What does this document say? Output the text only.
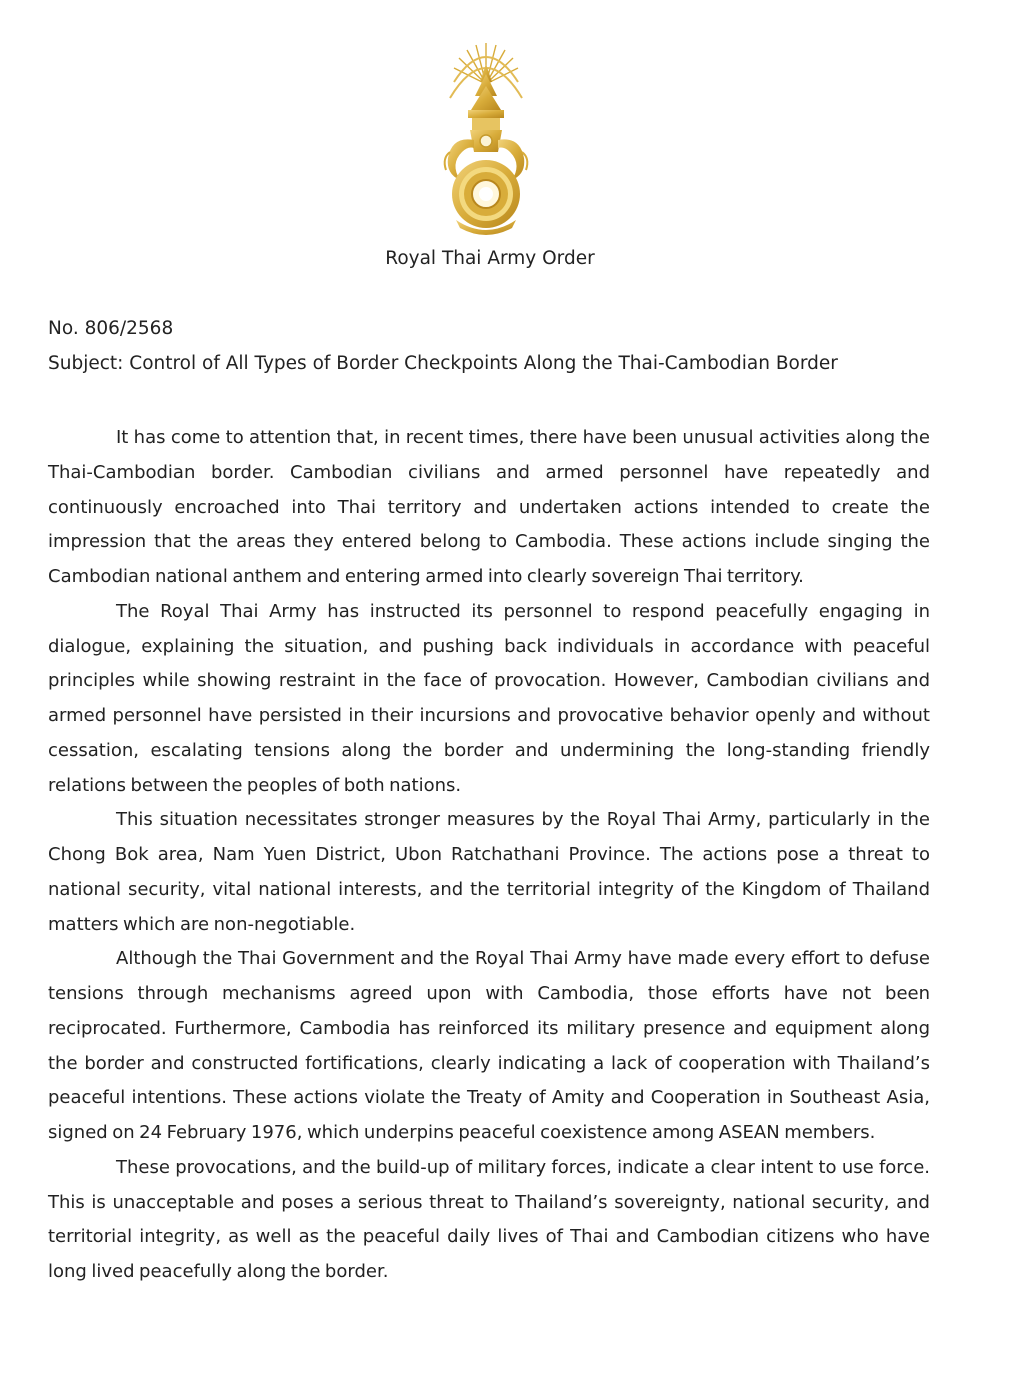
Royal Thai Army Order
No. 806/2568
Subject: Control of All Types of Border Checkpoints Along the Thai-Cambodian Border

It has come to attention that, in recent times, there have been unusual activities along the Thai-Cambodian border. Cambodian civilians and armed personnel have repeatedly and continuously encroached into Thai territory and undertaken actions intended to create the impression that the areas they entered belong to Cambodia. These actions include singing the Cambodian national anthem and entering armed into clearly sovereign Thai territory.

The Royal Thai Army has instructed its personnel to respond peacefully engaging in dialogue, explaining the situation, and pushing back individuals in accordance with peaceful principles while showing restraint in the face of provocation. However, Cambodian civilians and armed personnel have persisted in their incursions and provocative behavior openly and without cessation, escalating tensions along the border and undermining the long-standing friendly relations between the peoples of both nations.

This situation necessitates stronger measures by the Royal Thai Army, particularly in the Chong Bok area, Nam Yuen District, Ubon Ratchathani Province. The actions pose a threat to national security, vital national interests, and the territorial integrity of the Kingdom of Thailand matters which are non-negotiable.

Although the Thai Government and the Royal Thai Army have made every effort to defuse tensions through mechanisms agreed upon with Cambodia, those efforts have not been reciprocated. Furthermore, Cambodia has reinforced its military presence and equipment along the border and constructed fortifications, clearly indicating a lack of cooperation with Thailand’s peaceful intentions. These actions violate the Treaty of Amity and Cooperation in Southeast Asia, signed on 24 February 1976, which underpins peaceful coexistence among ASEAN members.

These provocations, and the build-up of military forces, indicate a clear intent to use force. This is unacceptable and poses a serious threat to Thailand’s sovereignty, national security, and territorial integrity, as well as the peaceful daily lives of Thai and Cambodian citizens who have long lived peacefully along the border.
